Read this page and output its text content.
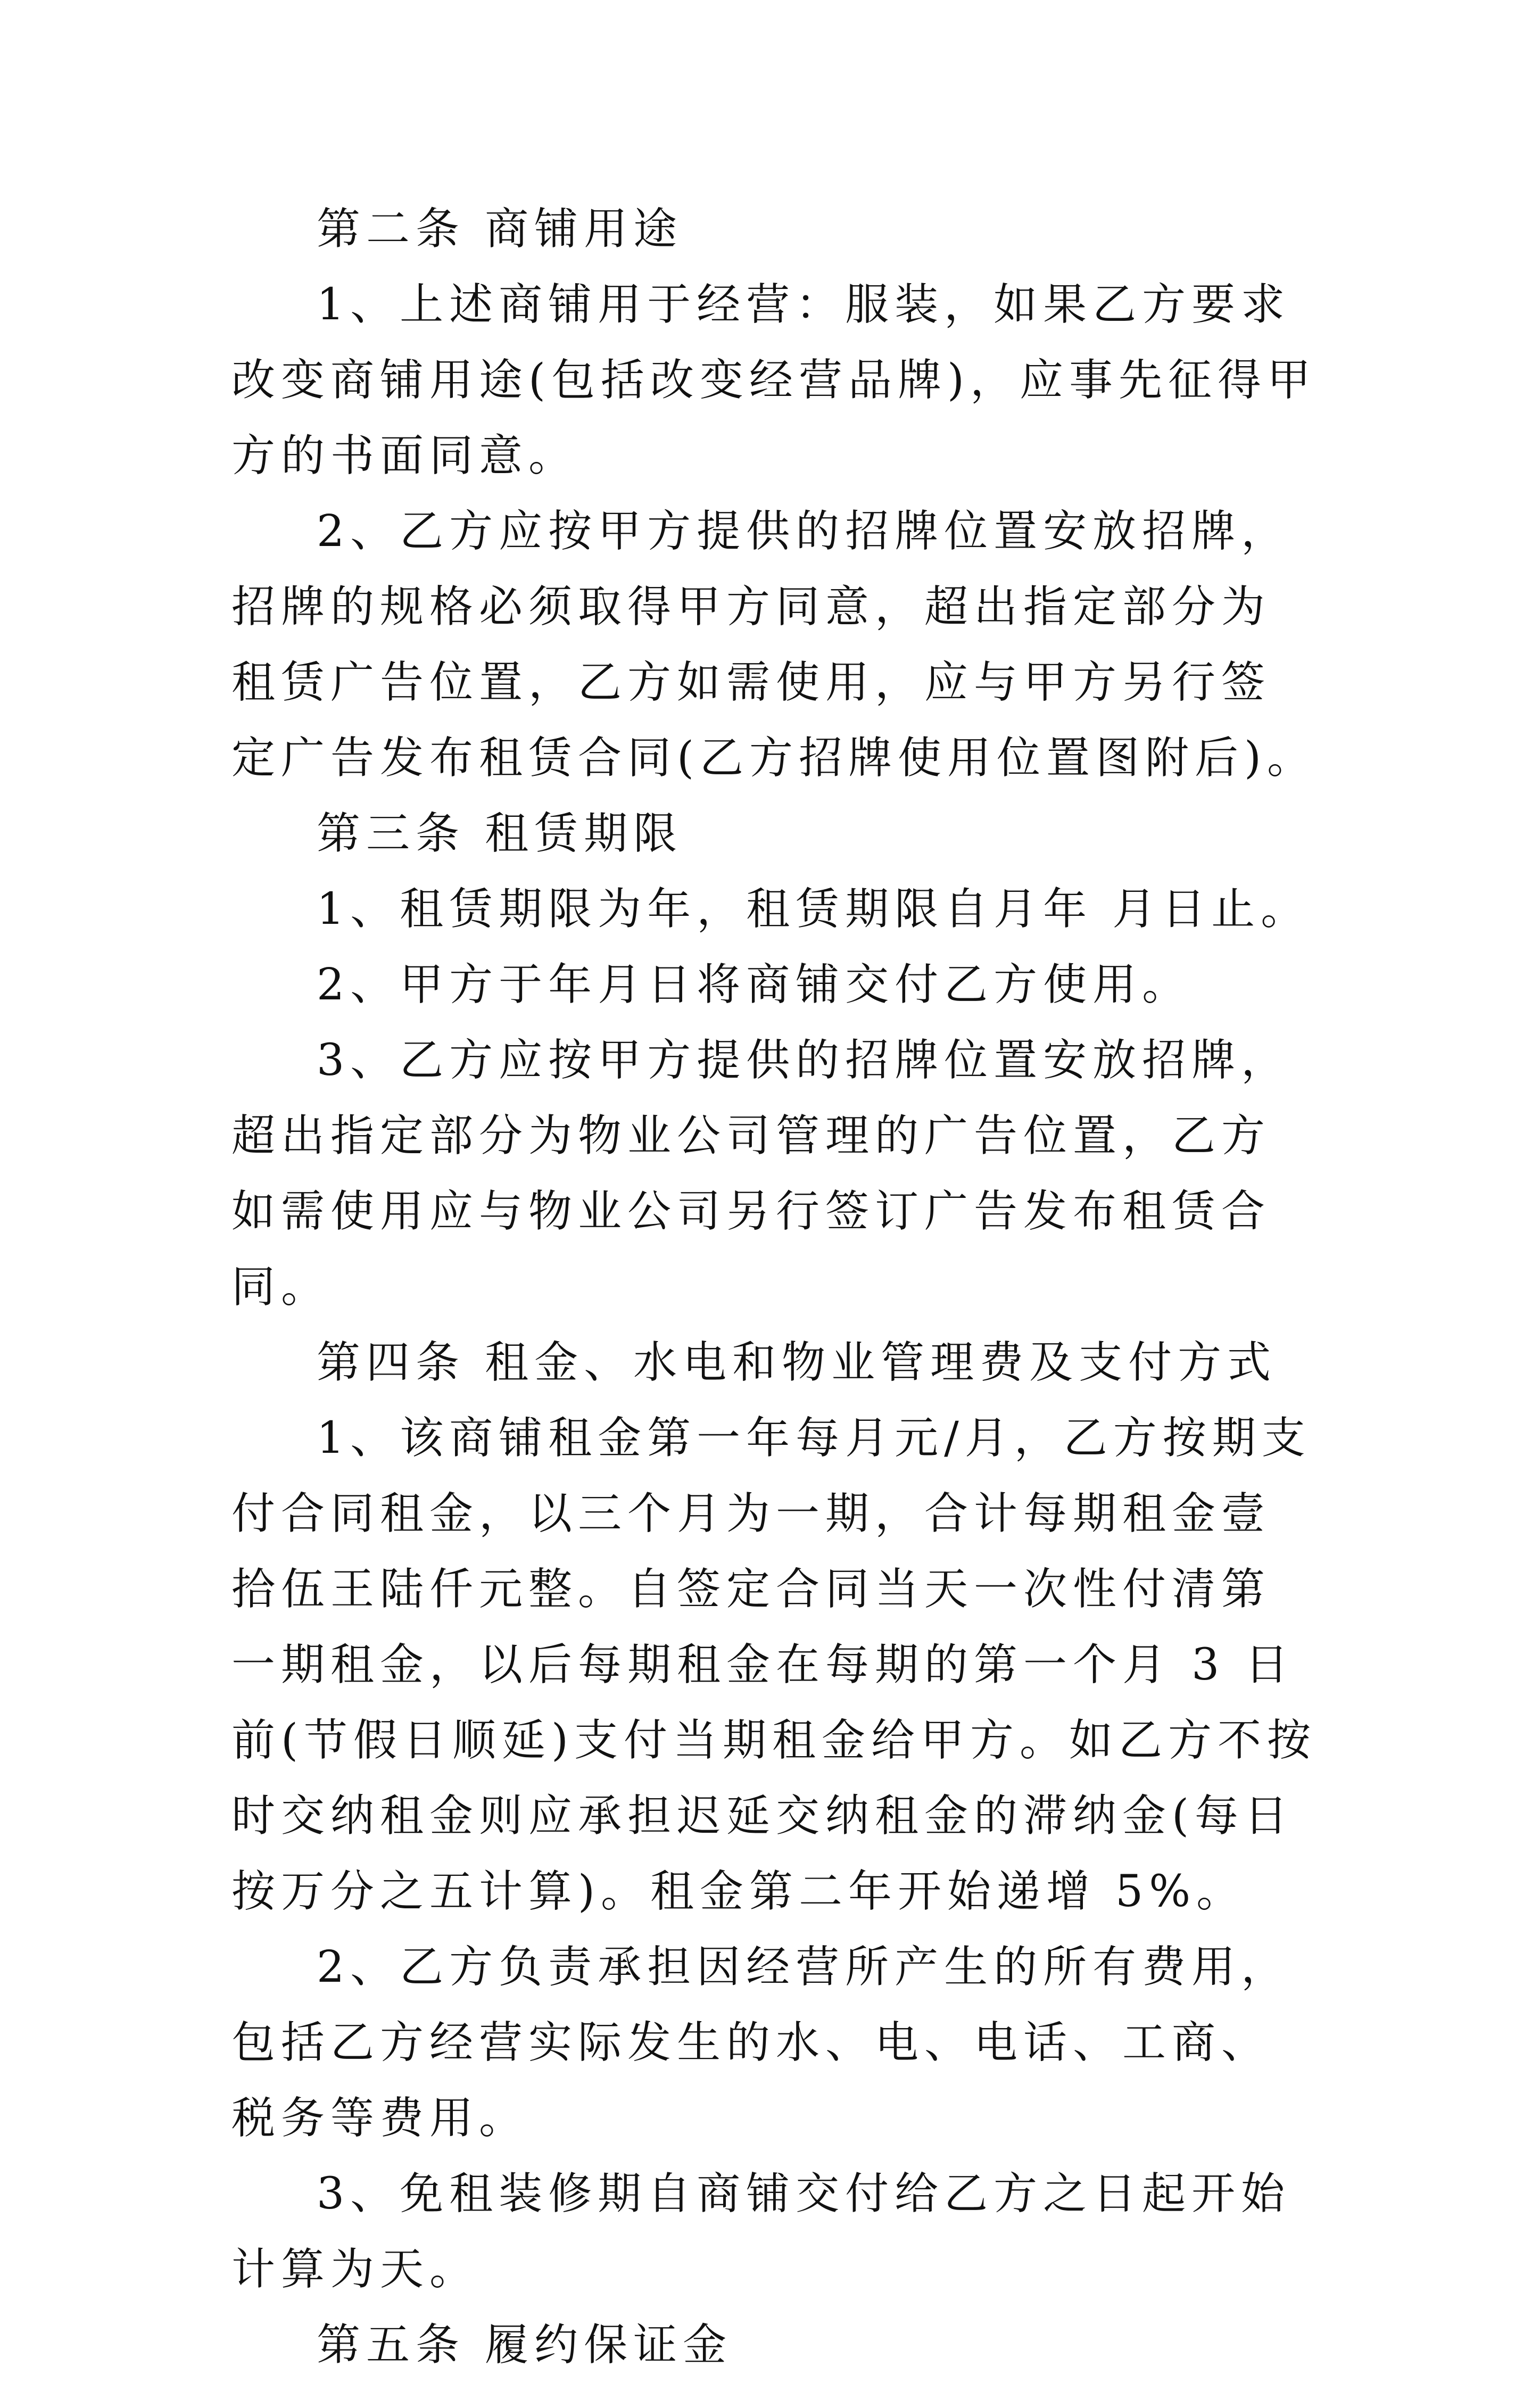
第二条 商铺用途

1、上述商铺用于经营：服装，如果乙方要求改变商铺用途(包括改变经营品牌)，应事先征得甲方的书面同意。

2、乙方应按甲方提供的招牌位置安放招牌，招牌的规格必须取得甲方同意，超出指定部分为租赁广告位置，乙方如需使用，应与甲方另行签定广告发布租赁合同(乙方招牌使用位置图附后)。

第三条 租赁期限

1、租赁期限为年，租赁期限自月年 月日止。

2、甲方于年月日将商铺交付乙方使用。

3、乙方应按甲方提供的招牌位置安放招牌，超出指定部分为物业公司管理的广告位置，乙方如需使用应与物业公司另行签订广告发布租赁合同。

第四条 租金、水电和物业管理费及支付方式

1、该商铺租金第一年每月元/月，乙方按期支付合同租金，以三个月为一期，合计每期租金壹拾伍王陆仟元整。自签定合同当天一次性付清第一期租金，以后每期租金在每期的第一个月 3 日前(节假日顺延)支付当期租金给甲方。如乙方不按时交纳租金则应承担迟延交纳租金的滞纳金(每日按万分之五计算)。租金第二年开始递增 5%。

2、乙方负责承担因经营所产生的所有费用，包括乙方经营实际发生的水、电、电话、工商、税务等费用。

3、免租装修期自商铺交付给乙方之日起开始计算为天。

第五条 履约保证金
